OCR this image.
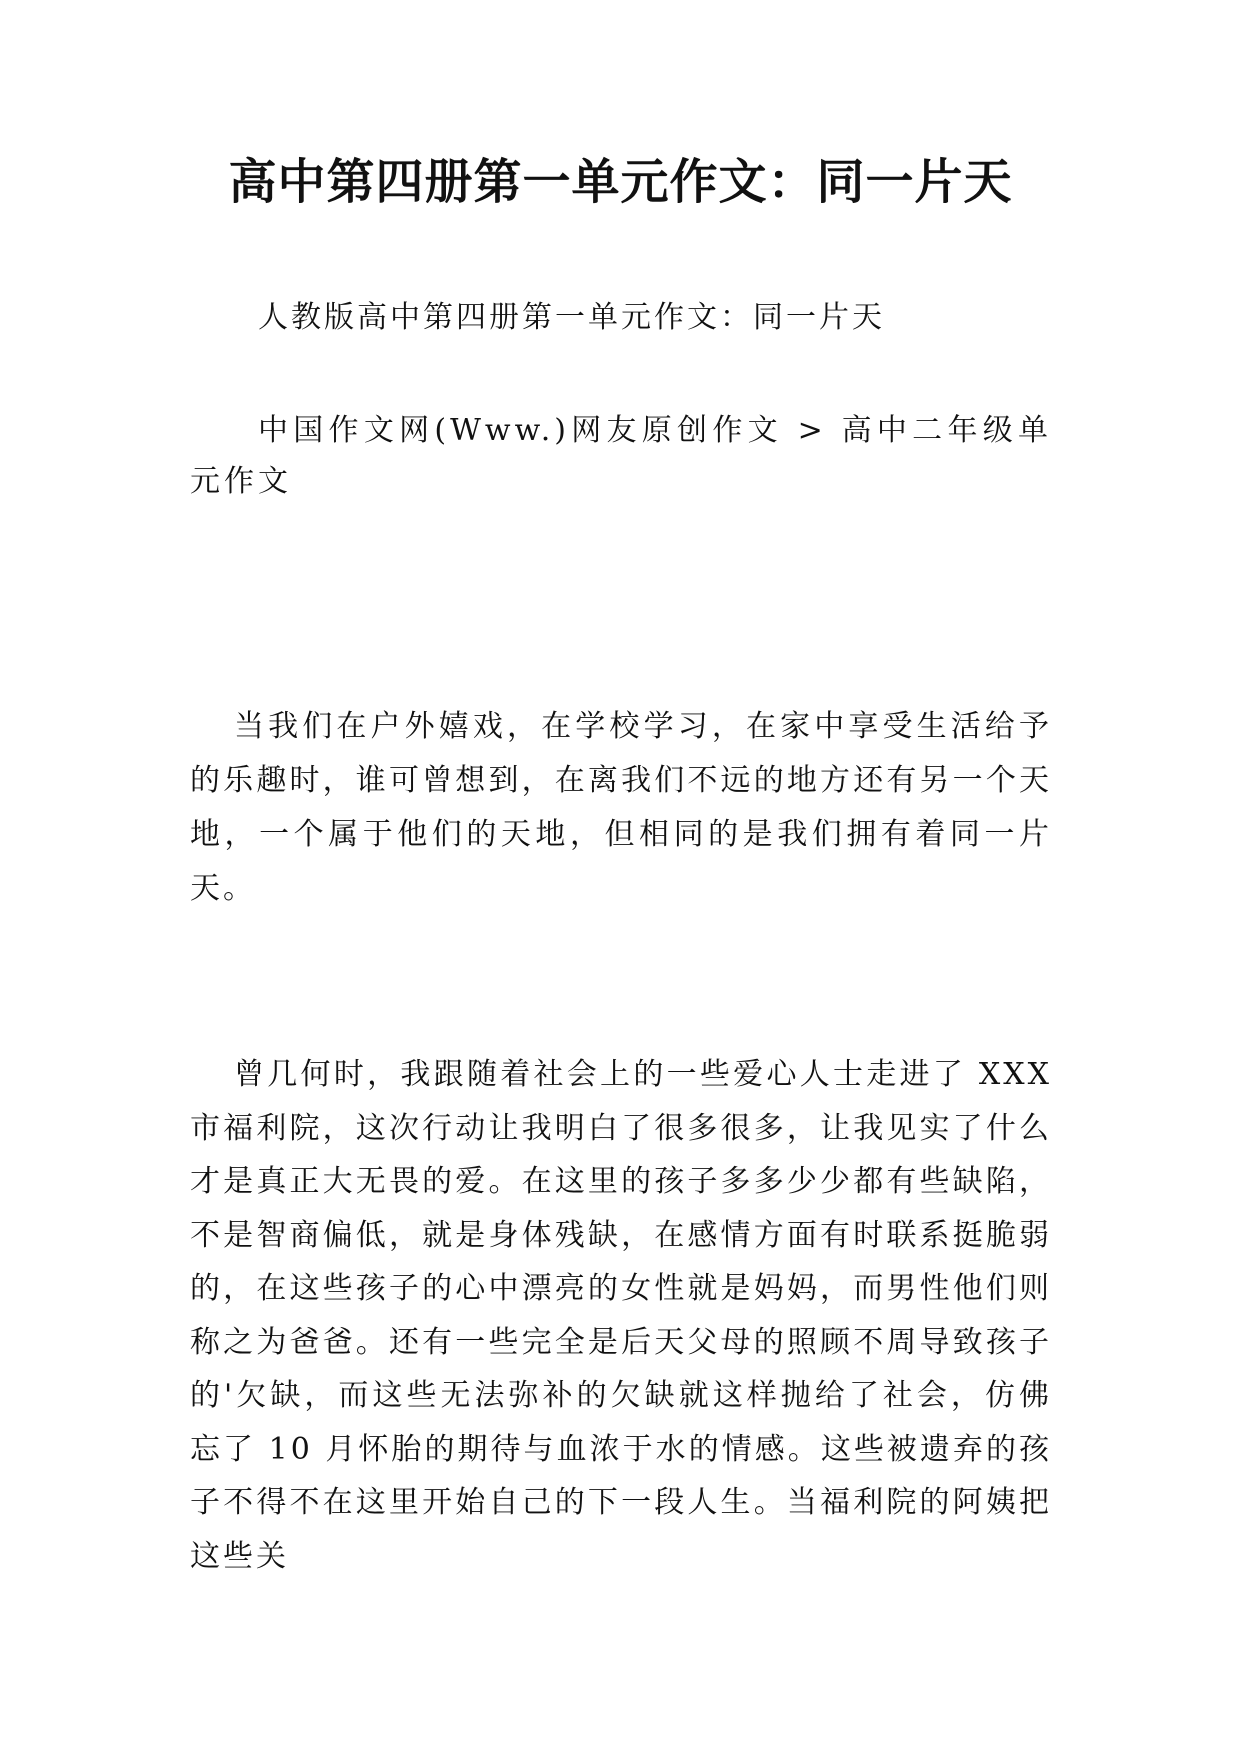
高中第四册第一单元作文：同一片天

人教版高中第四册第一单元作文：同一片天

中国作文网(Www.)网友原创作文 > 高中二年级单元作文

当我们在户外嬉戏，在学校学习，在家中享受生活给予的乐趣时，谁可曾想到，在离我们不远的地方还有另一个天地，一个属于他们的天地，但相同的是我们拥有着同一片天。

曾几何时，我跟随着社会上的一些爱心人士走进了 XXX 市福利院，这次行动让我明白了很多很多，让我见实了什么才是真正大无畏的爱。在这里的孩子多多少少都有些缺陷，不是智商偏低，就是身体残缺，在感情方面有时联系挺脆弱的，在这些孩子的心中漂亮的女性就是妈妈，而男性他们则称之为爸爸。还有一些完全是后天父母的照顾不周导致孩子的'欠缺，而这些无法弥补的欠缺就这样抛给了社会，仿佛忘了 10 月怀胎的期待与血浓于水的情感。这些被遗弃的孩子不得不在这里开始自己的下一段人生。当福利院的阿姨把这些关
